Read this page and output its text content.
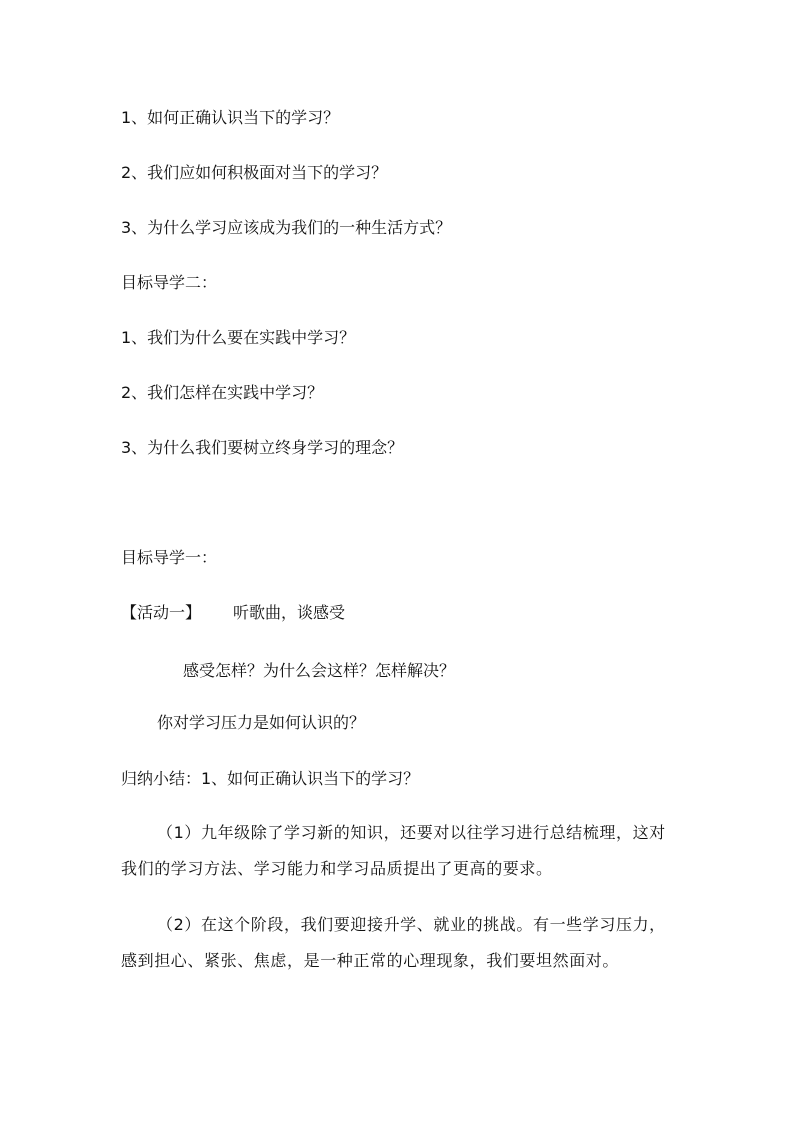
1、如何正确认识当下的学习？
2、我们应如何积极面对当下的学习？
3、为什么学习应该成为我们的一种生活方式？
目标导学二：
1、我们为什么要在实践中学习？
2、我们怎样在实践中学习？
3、为什么我们要树立终身学习的理念？
目标导学一：
【活动一】 听歌曲，谈感受
感受怎样？为什么会这样？怎样解决？
你对学习压力是如何认识的？
归纳小结：1、如何正确认识当下的学习？
（1）九年级除了学习新的知识，还要对以往学习进行总结梳理，这对我们的学习方法、学习能力和学习品质提出了更高的要求。
（2）在这个阶段，我们要迎接升学、就业的挑战。有一些学习压力，感到担心、紧张、焦虑，是一种正常的心理现象，我们要坦然面对。
